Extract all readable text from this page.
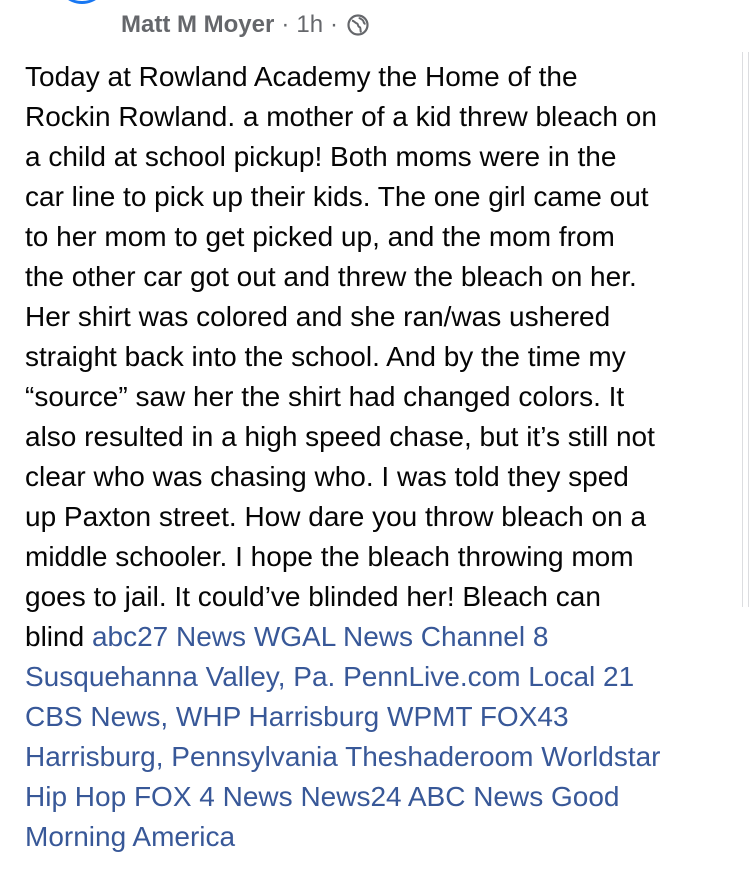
Matt M Moyer · 1h ·
Today at Rowland Academy the Home of the
Rockin Rowland. a mother of a kid threw bleach on
a child at school pickup! Both moms were in the
car line to pick up their kids. The one girl came out
to her mom to get picked up, and the mom from
the other car got out and threw the bleach on her.
Her shirt was colored and she ran/was ushered
straight back into the school. And by the time my
“source” saw her the shirt had changed colors. It
also resulted in a high speed chase, but it’s still not
clear who was chasing who. I was told they sped
up Paxton street. How dare you throw bleach on a
middle schooler. I hope the bleach throwing mom
goes to jail. It could’ve blinded her! Bleach can
blind abc27 News WGAL News Channel 8
Susquehanna Valley, Pa. PennLive.com Local 21
CBS News, WHP Harrisburg WPMT FOX43
Harrisburg, Pennsylvania Theshaderoom Worldstar
Hip Hop FOX 4 News News24 ABC News Good
Morning America
